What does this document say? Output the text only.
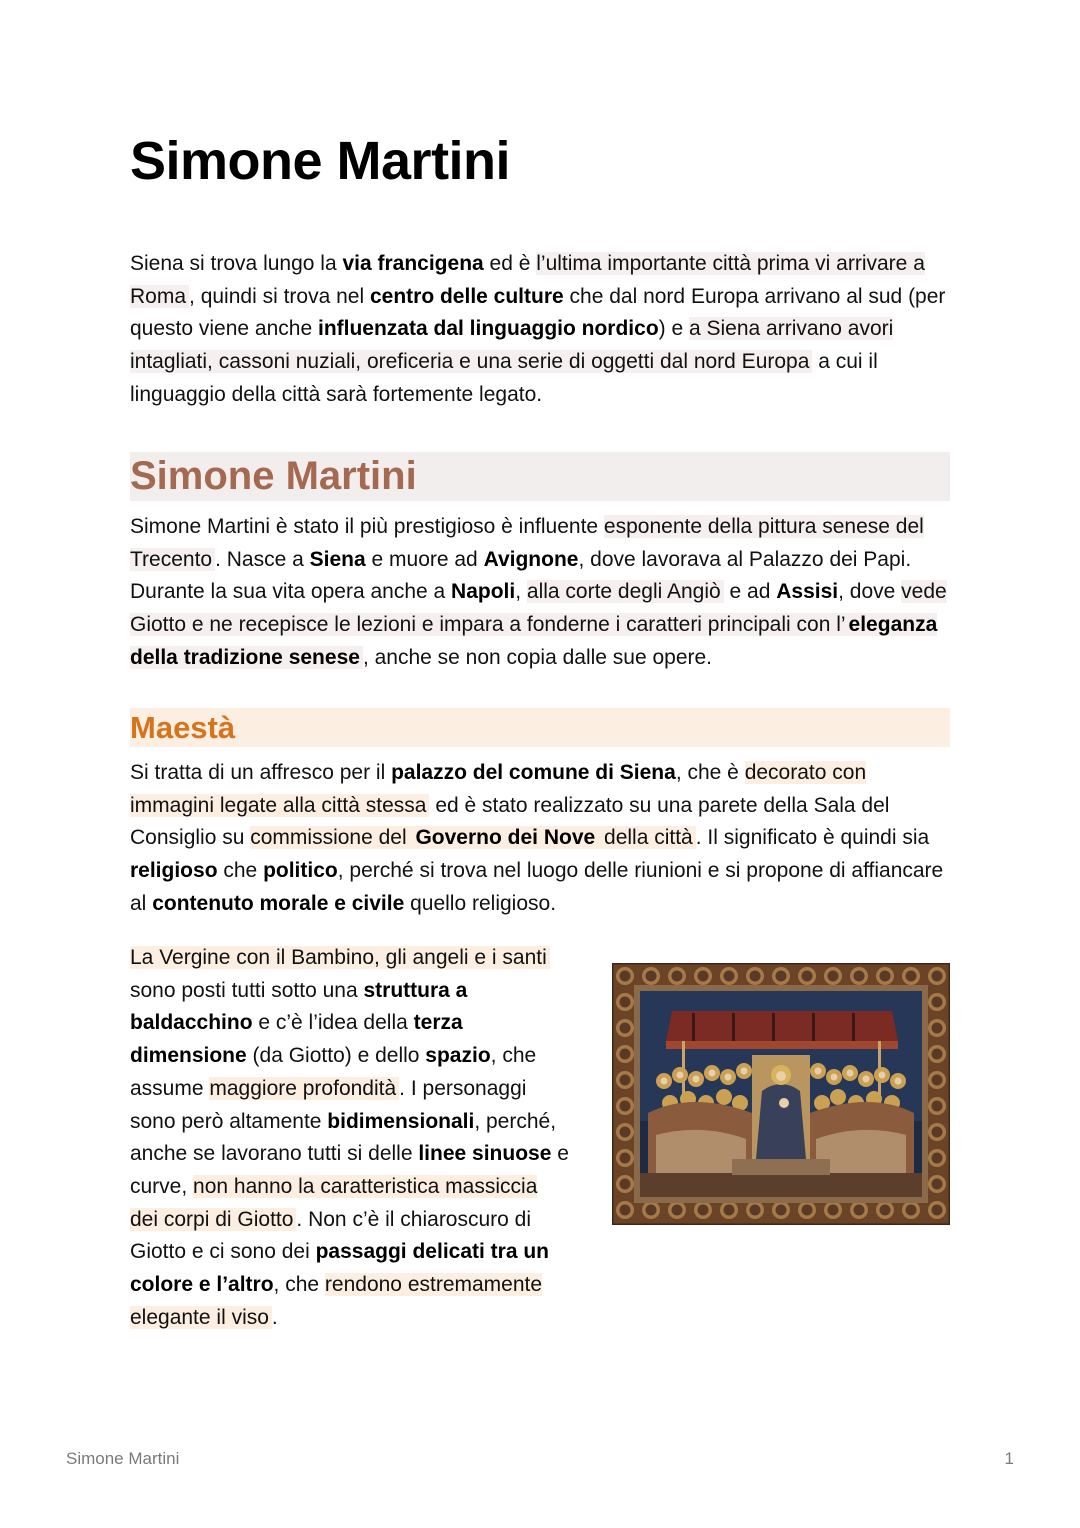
Simone Martini

Siena si trova lungo la via francigena ed è l’ultima importante città prima vi arrivare a Roma , quindi si trova nel centro delle culture che dal nord Europa arrivano al sud (per questo viene anche influenzata dal linguaggio nordico) e a Siena arrivano avori intagliati, cassoni nuziali, oreficeria e una serie di oggetti dal nord Europa a cui il linguaggio della città sarà fortemente legato.

Simone Martini

Simone Martini è stato il più prestigioso è influente esponente della pittura senese del Trecento . Nasce a Siena e muore ad Avignone, dove lavorava al Palazzo dei Papi. Durante la sua vita opera anche a Napoli, alla corte degli Angiò e ad Assisi, dove vede Giotto e ne recepisce le lezioni e impara a fonderne i caratteri principali con l’ eleganza della tradizione senese , anche se non copia dalle sue opere.

Maestà

Si tratta di un affresco per il palazzo del comune di Siena, che è decorato con immagini legate alla città stessa ed è stato realizzato su una parete della Sala del Consiglio su commissione del Governo dei Nove della città . Il significato è quindi sia religioso che politico, perché si trova nel luogo delle riunioni e si propone di affiancare al contenuto morale e civile quello religioso.

La Vergine con il Bambino, gli angeli e i santi sono posti tutti sotto una struttura a baldacchino e c’è l’idea della terza dimensione (da Giotto) e dello spazio, che assume maggiore profondità . I personaggi sono però altamente bidimensionali, perché, anche se lavorano tutti si delle linee sinuose e curve, non hanno la caratteristica massiccia dei corpi di Giotto . Non c’è il chiaroscuro di Giotto e ci sono dei passaggi delicati tra un colore e l’altro, che rendono estremamente elegante il viso .

Simone Martini	1
